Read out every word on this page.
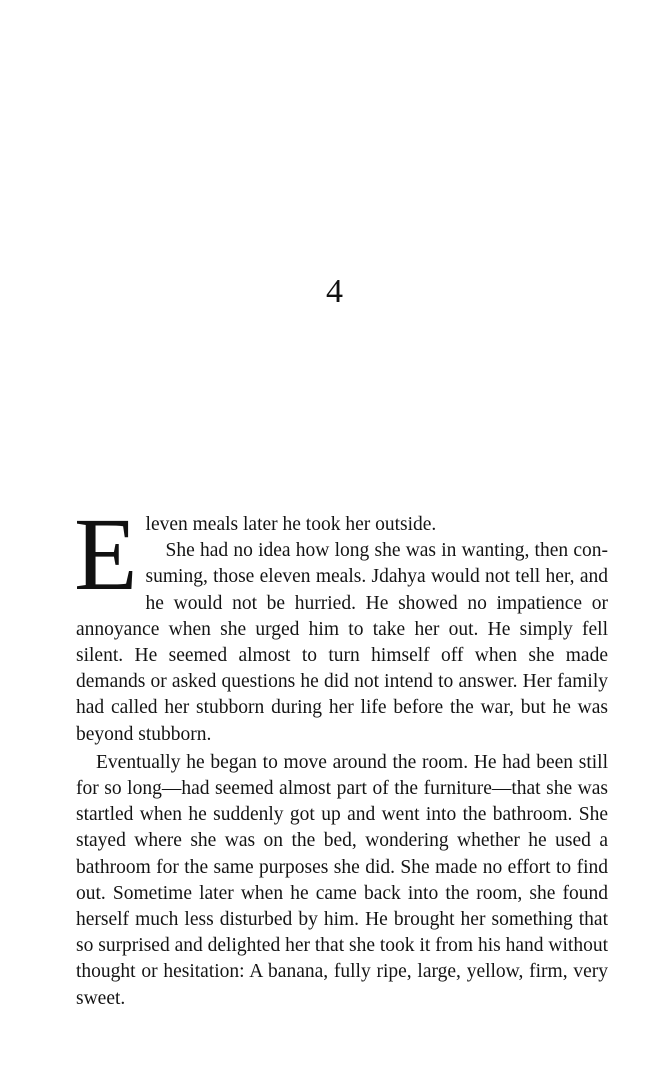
4
E leven meals later he took her outside.

She had no idea how long she was in wanting, then consuming, those eleven meals. Jdahya would not tell her, and he would not be hurried. He showed no impatience or annoyance when she urged him to take her out. He simply fell silent. He seemed almost to turn himself off when she made demands or asked questions he did not intend to answer. Her family had called her stubborn during her life before the war, but he was beyond stubborn.

Eventually he began to move around the room. He had been still for so long—had seemed almost part of the furniture—that she was startled when he suddenly got up and went into the bathroom. She stayed where she was on the bed, wondering whether he used a bathroom for the same purposes she did. She made no effort to find out. Sometime later when he came back into the room, she found herself much less disturbed by him. He brought her something that so surprised and delighted her that she took it from his hand without thought or hesitation: A banana, fully ripe, large, yellow, firm, very sweet.
